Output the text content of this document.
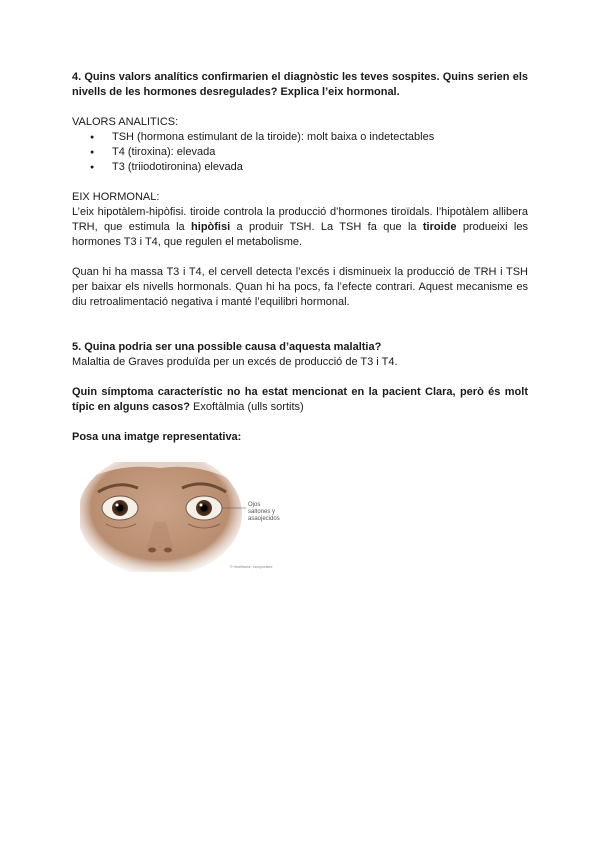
4. Quins valors analítics confirmarien el diagnòstic les teves sospites. Quins serien els nivells de les hormones desregulades? Explica l’eix hormonal.

VALORS ANALITICS:

● TSH (hormona estimulant de la tiroide): molt baixa o indetectables
● T4 (tiroxina): elevada
● T3 (triiodotironina) elevada

EIX HORMONAL:

L’eix hipotàlem-hipòfisi. tiroide controla la producció d’hormones tiroïdals. l’hipotàlem allibera TRH, que estimula la hipòfisi a produir TSH. La TSH fa que la tiroide produeixi les hormones T3 i T4, que regulen el metabolisme.

Quan hi ha massa T3 i T4, el cervell detecta l’excés i disminueix la producció de TRH i TSH per baixar els nivells hormonals. Quan hi ha pocs, fa l’efecte contrari. Aquest mecanisme es diu retroalimentació negativa i manté l’equilibri hormonal.

5. Quina podria ser una possible causa d’aquesta malaltia?

Malaltia de Graves produïda per un excés de producció de T3 i T4.

Quin símptoma característic no ha estat mencionat en la pacient Clara, però és molt típic en alguns casos? Exoftàlmia (ulls sortits)

Posa una imatge representativa:

Ojos
saltones y
asaojecidos
© Healthwise, Incorporated
